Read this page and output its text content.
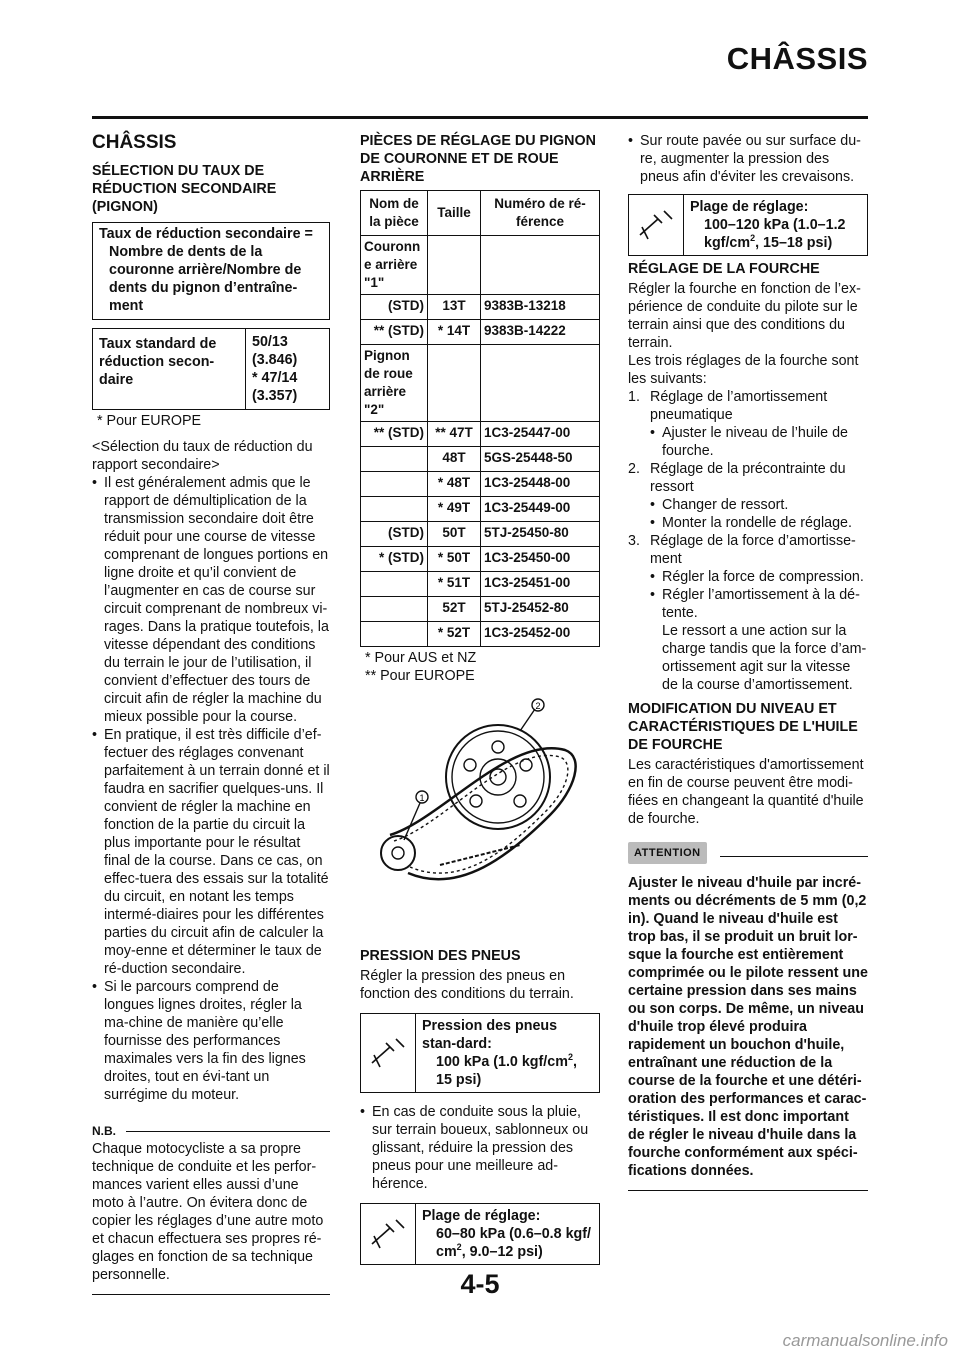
CHÂSSIS
CHÂSSIS
SÉLECTION DU TAUX DE RÉDUCTION SECONDAIRE (PIGNON)
Taux de réduction secondaire =
Nombre de dents de la couronne arrière/Nombre de dents du pignon d’entraîne-ment
Taux standard de réduction secon-daire
50/13
(3.846)
* 47/14
(3.357)
* Pour EUROPE

<Sélection du taux de réduction du rapport secondaire>

• Il est généralement admis que le rapport de démultiplication de la transmission secondaire doit être réduit pour une course de vitesse comprenant de longues portions en ligne droite et qu’il convient de l’augmenter en cas de course sur circuit comprenant de nombreux vi-rages. Dans la pratique toutefois, la vitesse dépendant des conditions du terrain le jour de l’utilisation, il convient d’effectuer des tours de circuit afin de régler la machine du mieux possible pour la course.
• En pratique, il est très difficile d’ef-fectuer des réglages convenant parfaitement à un terrain donné et il faudra en sacrifier quelques-uns. Il convient de régler la machine en fonction de la partie du circuit la plus importante pour le résultat final de la course. Dans ce cas, on effec-tuera des essais sur la totalité du circuit, en notant les temps intermé-diaires pour les différentes parties du circuit afin de calculer la moy-enne et déterminer le taux de ré-duction secondaire.
• Si le parcours comprend de longues lignes droites, régler la ma-chine de manière qu’elle fournisse des performances maximales vers la fin des lignes droites, tout en évi-tant un surrégime du moteur.
N.B.

Chaque motocycliste a sa propre technique de conduite et les perfor-mances varient elles aussi d’une moto à l’autre. On évitera donc de copier les réglages d’une autre moto et chacun effectuera ses propres ré-glages en fonction de sa technique personnelle.

PIÈCES DE RÉGLAGE DU PIGNON DE COURONNE ET DE ROUE ARRIÈRE
Nom de la pièce	Taille	Numéro de ré-férence
Couronn e arrière "1"		
(STD)	13T	9383B-13218
** (STD)	* 14T	9383B-14222
Pignon de roue arrière "2"		
** (STD)	** 47T	1C3-25447-00
	48T	5GS-25448-50
	* 48T	1C3-25448-00
	* 49T	1C3-25449-00
(STD)	50T	5TJ-25450-80
* (STD)	* 50T	1C3-25450-00
	* 51T	1C3-25451-00
	52T	5TJ-25452-80
	* 52T	1C3-25452-00
* Pour AUS et NZ
** Pour EUROPE
1
2
PRESSION DES PNEUS

Régler la pression des pneus en fonction des conditions du terrain.

Pression des pneus stan-dard:
100 kPa (1.0 kgf/$cm^2$, 15 psi)
• En cas de conduite sous la pluie, sur terrain boueux, sablonneux ou glissant, réduire la pression des pneus pour une meilleure ad-hérence.
Plage de réglage:
60–80 kPa (0.6–0.8 kgf/ $cm^2$, 9.0–12 psi)
• Sur route pavée ou sur surface du-re, augmenter la pression des pneus afin d'éviter les crevaisons.
Plage de réglage:
100–120 kPa (1.0–1.2 kgf/$cm^2$, 15–18 psi)
RÉGLAGE DE LA FOURCHE

Régler la fourche en fonction de l’ex-périence de conduite du pilote sur le terrain ainsi que des conditions du terrain.

Les trois réglages de la fourche sont les suivants:

1. Réglage de l’amortissement pneumatique
• Ajuster le niveau de l’huile de fourche.
2. Réglage de la précontrainte du ressort
• Changer de ressort.
• Monter la rondelle de réglage.
3. Réglage de la force d’amortisse-ment
• Régler la force de compression.
• Régler l’amortissement à la dé-tente.
Le ressort a une action sur la charge tandis que la force d’am-ortissement agit sur la vitesse de la course d’amortissement.
MODIFICATION DU NIVEAU ET CARACTÉRISTIQUES DE L'HUILE DE FOURCHE

Les caractéristiques d'amortissement en fin de course peuvent être modi-fiées en changeant la quantité d'huile de fourche.

ATTENTION
Ajuster le niveau d'huile par incré-ments ou décréments de 5 mm (0,2 in). Quand le niveau d'huile est trop bas, il se produit un bruit lor-sque la fourche est entièrement comprimée ou le pilote ressent une certaine pression dans ses mains ou son corps. De même, un niveau d'huile trop élevé produira rapidement un bouchon d'huile, entraînant une réduction de la course de la fourche et une détéri-oration des performances et carac-téristiques. Il est donc important de régler le niveau d'huile dans la fourche conformément aux spéci-fications données.
4-5
carmanualsonline.info
